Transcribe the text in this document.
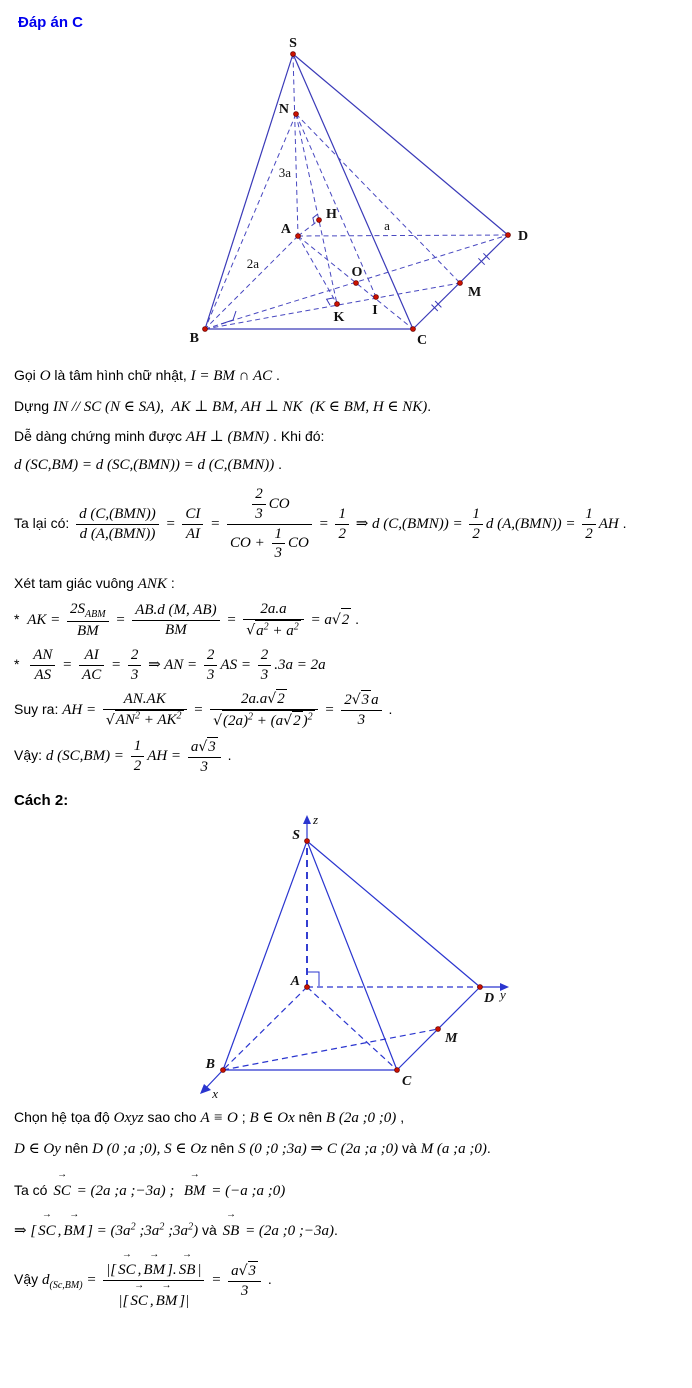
Đáp án C
S
N
A
H
D
O
M
I
K
B	C
3a
a
2a
Gọi O là tâm hình chữ nhật, I = BM ∩ AC .
Dựng IN // SC (N ∈ SA),  AK ⊥ BM, AH ⊥ NK  (K ∈ BM, H ∈ NK).
Dễ dàng chứng minh được AH ⊥ (BMN) . Khi đó:
d (SC,BM) = d (SC,(BMN)) = d (C,(BMN)) .
Ta lại có: $\frac{\text{d (C,(BMN))}}{\text{d (A,(BMN))}} = \frac{CI}{AI} = \frac{\frac{2}{3} CO}{CO + \frac{1}{3} CO} = \frac{1}{2}$ ⇒ d $(C,(BMN)) = \frac{1}{2}$ d $(A,(BMN)) = \frac{1}{2}$ AH .
Xét tam giác vuông ANK :
*  AK = $\frac{2S_{ABM}}{BM} = \frac{AB.d (M, AB)}{BM} = \frac{2a.a}{√a^2 + a^2} = a√2$ .
* $\frac{AN}{AS} = \frac{AI}{AC} = \frac{2}{3}$ ⇒ AN = $\frac{2}{3}$ AS = $\frac{2}{3} .3a = 2a$
Suy ra: AH = $\frac{AN.AK}{√AN^2 + AK^2} = \frac{2a.a√2}{√(2a)^2 + (a√2 )^2} = \frac{2√3 a}{3}$ .
Vậy: d $(SC,BM) = \frac{1}{2}$ AH = $\frac{a√3}{3}$ .
Cách 2:
z
S
A
D y
M
B
C
x
Chọn hệ tọa độ Oxyz sao cho A ≡ O ; B ∈ Ox nên B (2a ;0 ;0) ,
D ∈ Oy nên D (0 ;a ;0), S ∈ Oz nên S (0 ;0 ;3a) ⇒ C (2a ;a ;0) và M (a ;a ;0).
Ta có SC → = (2a ;a ;−3a) ;  BM → = (−a ;a ;0)
⇒ [ SC → , BM → ] = ($3a^2$ $;3a^2$ $;3a^2$) và SB → = (2a ;0 ;−3a).
Vậy $d_{(Sc,BM)} = \frac{|[ SC \to , BM \to ]. SB \to |}{|[ SC \to , BM \to ]|} = \frac{a√3}{3}$ .
